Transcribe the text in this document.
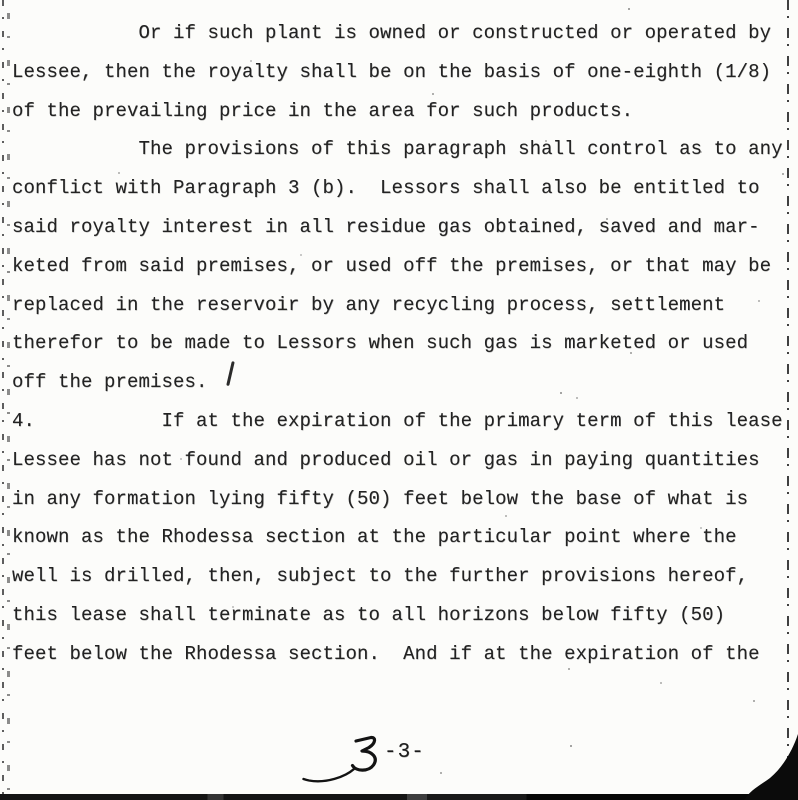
Or if such plant is owned or constructed or operated by
Lessee, then the royalty shall be on the basis of one-eighth (1/8)
of the prevailing price in the area for such products.
The provisions of this paragraph shall control as to any
conflict with Paragraph 3 (b).  Lessors shall also be entitled to
said royalty interest in all residue gas obtained, saved and mar-
keted from said premises, or used off the premises, or that may be
replaced in the reservoir by any recycling process, settlement
therefor to be made to Lessors when such gas is marketed or used
off the premises.
4.           If at the expiration of the primary term of this lease
Lessee has not found and produced oil or gas in paying quantities
in any formation lying fifty (50) feet below the base of what is
known as the Rhodessa section at the particular point where the
well is drilled, then, subject to the further provisions hereof,
this lease shall terminate as to all horizons below fifty (50)
feet below the Rhodessa section.  And if at the expiration of the
-3-
